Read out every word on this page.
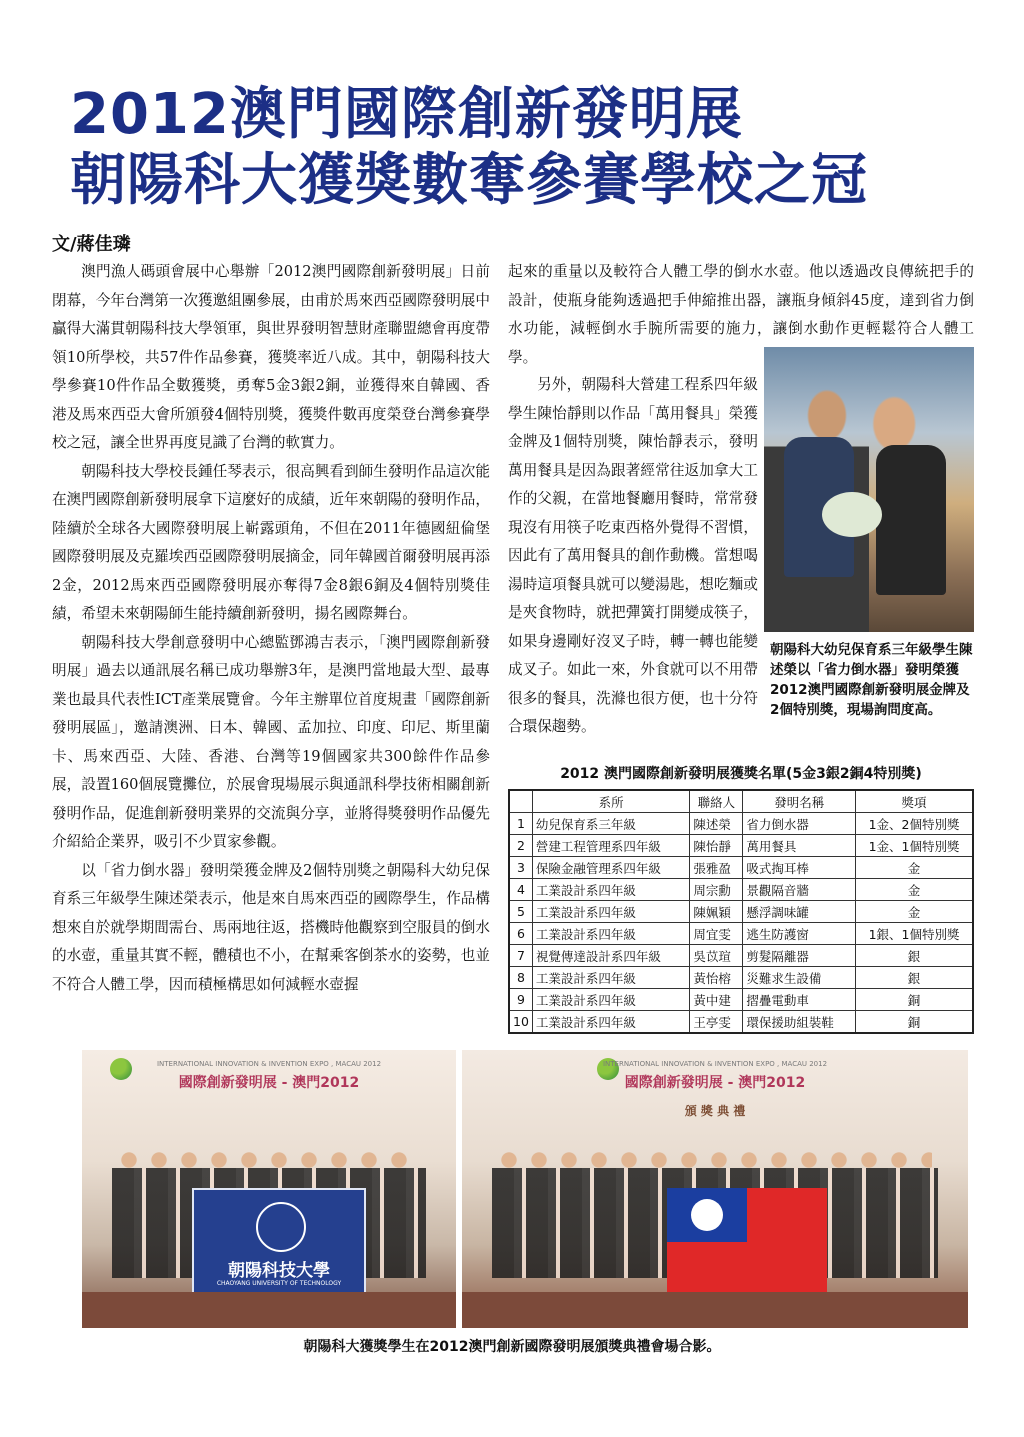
2012澳門國際創新發明展
朝陽科大獲獎數奪參賽學校之冠
文/蔣佳璘

澳門漁人碼頭會展中心舉辦「2012澳門國際創新發明展」日前閉幕，今年台灣第一次獲邀組團參展，由甫於馬來西亞國際發明展中贏得大滿貫朝陽科技大學領軍，與世界發明智慧財產聯盟總會再度帶領10所學校，共57件作品參賽，獲獎率近八成。其中，朝陽科技大學參賽10件作品全數獲獎，勇奪5金3銀2銅，並獲得來自韓國、香港及馬來西亞大會所頒發4個特別獎，獲獎件數再度榮登台灣參賽學校之冠，讓全世界再度見識了台灣的軟實力。

朝陽科技大學校長鍾任琴表示，很高興看到師生發明作品這次能在澳門國際創新發明展拿下這麼好的成績，近年來朝陽的發明作品，陸續於全球各大國際發明展上嶄露頭角，不但在2011年德國紐倫堡國際發明展及克羅埃西亞國際發明展摘金，同年韓國首爾發明展再添2金，2012馬來西亞國際發明展亦奪得7金8銀6銅及4個特別獎佳績，希望未來朝陽師生能持續創新發明，揚名國際舞台。

朝陽科技大學創意發明中心總監鄧鴻吉表示，「澳門國際創新發明展」過去以通訊展名稱已成功舉辦3年，是澳門當地最大型、最專業也最具代表性ICT產業展覽會。今年主辦單位首度規畫「國際創新發明展區」，邀請澳洲、日本、韓國、孟加拉、印度、印尼、斯里蘭卡、馬來西亞、大陸、香港、台灣等19個國家共300餘件作品參展，設置160個展覽攤位，於展會現場展示與通訊科學技術相關創新發明作品，促進創新發明業界的交流與分享，並將得獎發明作品優先介紹給企業界，吸引不少買家參觀。

以「省力倒水器」發明榮獲金牌及2個特別獎之朝陽科大幼兒保育系三年級學生陳述榮表示，他是來自馬來西亞的國際學生，作品構想來自於就學期間需台、馬兩地往返，搭機時他觀察到空服員的倒水的水壺，重量其實不輕，體積也不小，在幫乘客倒茶水的姿勢，也並不符合人體工學，因而積極構思如何減輕水壺握

起來的重量以及較符合人體工學的倒水水壺。他以透過改良傳統把手的設計，使瓶身能夠透過把手伸縮推出器，讓瓶身傾斜45度，達到省力倒水功能，減輕倒水手腕所需要的施力，讓倒水動作更輕鬆符合人體工學。

另外，朝陽科大營建工程系四年級學生陳怡靜則以作品「萬用餐具」榮獲金牌及1個特別獎，陳怡靜表示，發明萬用餐具是因為跟著經常往返加拿大工作的父親，在當地餐廳用餐時，常常發現沒有用筷子吃東西格外覺得不習慣，因此有了萬用餐具的創作動機。當想喝湯時這項餐具就可以變湯匙，想吃麵或是夾食物時，就把彈簧打開變成筷子，如果身邊剛好沒叉子時，轉一轉也能變成叉子。如此一來，外食就可以不用帶很多的餐具，洗滌也很方便，也十分符合環保趨勢。

朝陽科大幼兒保育系三年級學生陳述榮以「省力倒水器」發明榮獲2012澳門國際創新發明展金牌及2個特別獎，現場詢問度高。
2012 澳門國際創新發明展獲獎名單(5金3銀2銅4特別獎)
	系所	聯絡人	發明名稱	獎項
1	幼兒保育系三年級	陳述榮	省力倒水器	1金、2個特別獎
2	營建工程管理系四年級	陳怡靜	萬用餐具	1金、1個特別獎
3	保險金融管理系四年級	張雅盈	吸式掏耳棒	金
4	工業設計系四年級	周宗勳	景觀隔音牆	金
5	工業設計系四年級	陳姵穎	懸浮調味罐	金
6	工業設計系四年級	周宜雯	逃生防護窗	1銀、1個特別獎
7	視覺傳達設計系四年級	吳苡瑄	剪髮隔離器	銀
8	工業設計系四年級	黃怡榕	災難求生設備	銀
9	工業設計系四年級	黃中建	摺疊電動車	銅
10	工業設計系四年級	王亭雯	環保援助組裝鞋	銅
INTERNATIONAL INNOVATION & INVENTION EXPO , MACAU 2012
國際創新發明展 - 澳門2012
朝陽科技大學
CHAOYANG UNIVERSITY OF TECHNOLOGY
INTERNATIONAL INNOVATION & INVENTION EXPO , MACAU 2012
國際創新發明展 - 澳門2012
頒 獎 典 禮
朝陽科大獲獎學生在2012澳門創新國際發明展頒獎典禮會場合影。
